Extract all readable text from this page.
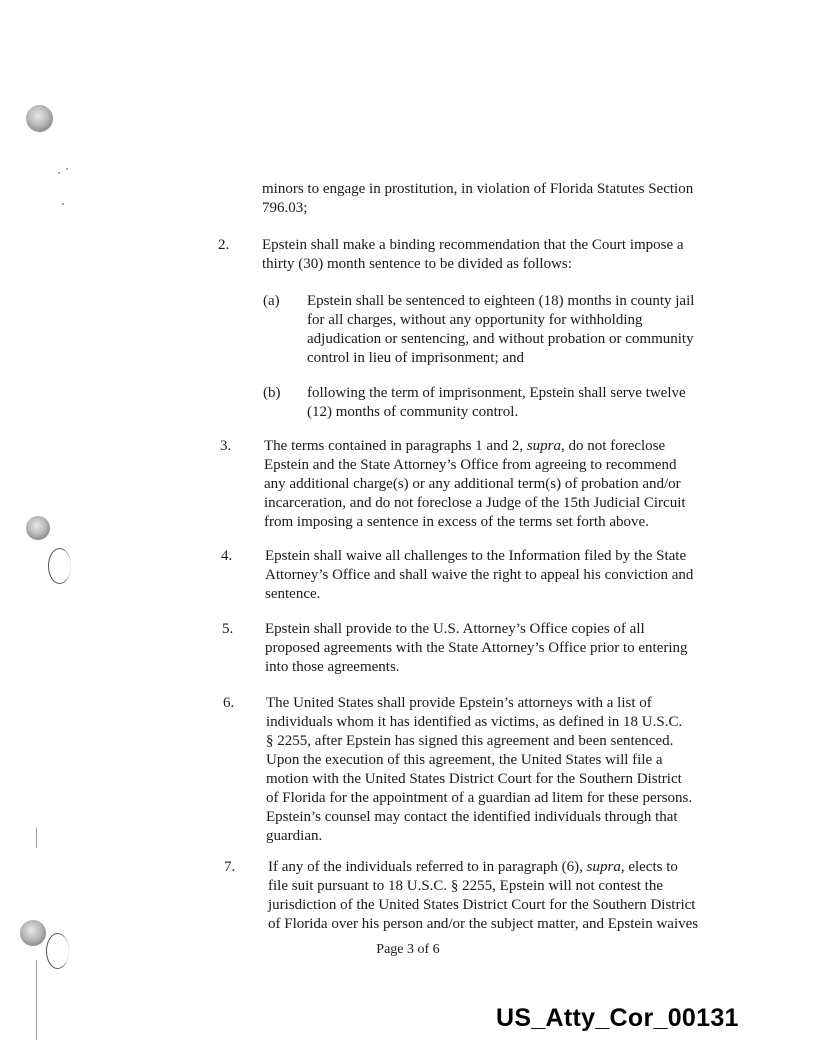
minors to engage in prostitution, in violation of Florida Statutes Section
796.03;
2. Epstein shall make a binding recommendation that the Court impose a
thirty (30) month sentence to be divided as follows:
(a) Epstein shall be sentenced to eighteen (18) months in county jail
for all charges, without any opportunity for withholding
adjudication or sentencing, and without probation or community
control in lieu of imprisonment; and
(b) following the term of imprisonment, Epstein shall serve twelve
(12) months of community control.
3. The terms contained in paragraphs 1 and 2, supra, do not foreclose
Epstein and the State Attorney’s Office from agreeing to recommend
any additional charge(s) or any additional term(s) of probation and/or
incarceration, and do not foreclose a Judge of the 15th Judicial Circuit
from imposing a sentence in excess of the terms set forth above.
4. Epstein shall waive all challenges to the Information filed by the State
Attorney’s Office and shall waive the right to appeal his conviction and
sentence.
5. Epstein shall provide to the U.S. Attorney’s Office copies of all
proposed agreements with the State Attorney’s Office prior to entering
into those agreements.
6. The United States shall provide Epstein’s attorneys with a list of
individuals whom it has identified as victims, as defined in 18 U.S.C.
§ 2255, after Epstein has signed this agreement and been sentenced.
Upon the execution of this agreement, the United States will file a
motion with the United States District Court for the Southern District
of Florida for the appointment of a guardian ad litem for these persons.
Epstein’s counsel may contact the identified individuals through that
guardian.
7. If any of the individuals referred to in paragraph (6), supra, elects to
file suit pursuant to 18 U.S.C. § 2255, Epstein will not contest the
jurisdiction of the United States District Court for the Southern District
of Florida over his person and/or the subject matter, and Epstein waives
Page 3 of 6
US_Atty_Cor_00131
